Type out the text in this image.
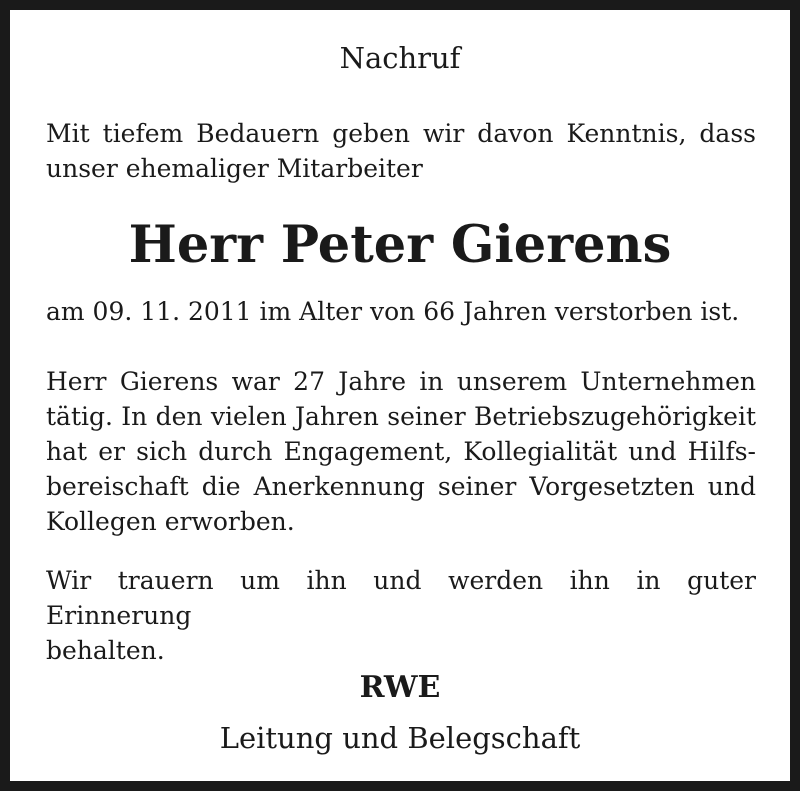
Nachruf

Mit tiefem Bedauern geben wir davon Kenntnis, dass
unser ehemaliger Mitarbeiter

Herr Peter Gierens

am 09. 11. 2011 im Alter von 66 Jahren verstorben ist.

Herr Gierens war 27 Jahre in unserem Unternehmen
tätig. In den vielen Jahren seiner Betriebszugehörigkeit
hat er sich durch Engagement, Kollegialität und Hilfs-
bereischaft die Anerkennung seiner Vorgesetzten und
Kollegen erworben.

Wir trauern um ihn und werden ihn in guter Erinnerung
behalten.

RWE
Leitung und Belegschaft
